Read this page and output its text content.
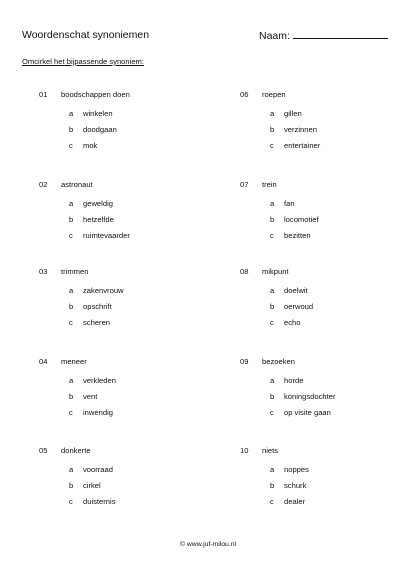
Woordenschat synoniemen	Naam:
Omcirkel het bijpassende synoniem:
01 boodschappen doen
a winkelen
b doodgaan
c mok
02 astronaut
a geweldig
b hetzelfde
c ruimtevaarder
03 trimmen
a zakenvrouw
b opschrift
c scheren
04 meneer
a verkleden
b vent
c inwendig
05 donkerte
a voorraad
b cirkel
c duisternis
06 roepen
a gillen
b verzinnen
c entertainer
07 trein
a fan
b locomotief
c bezitten
08 mikpunt
a doelwit
b oerwoud
c echo
09 bezoeken
a horde
b koningsdochter
c op visite gaan
10 niets
a noppes
b schurk
c dealer
© www.juf-milou.nl
